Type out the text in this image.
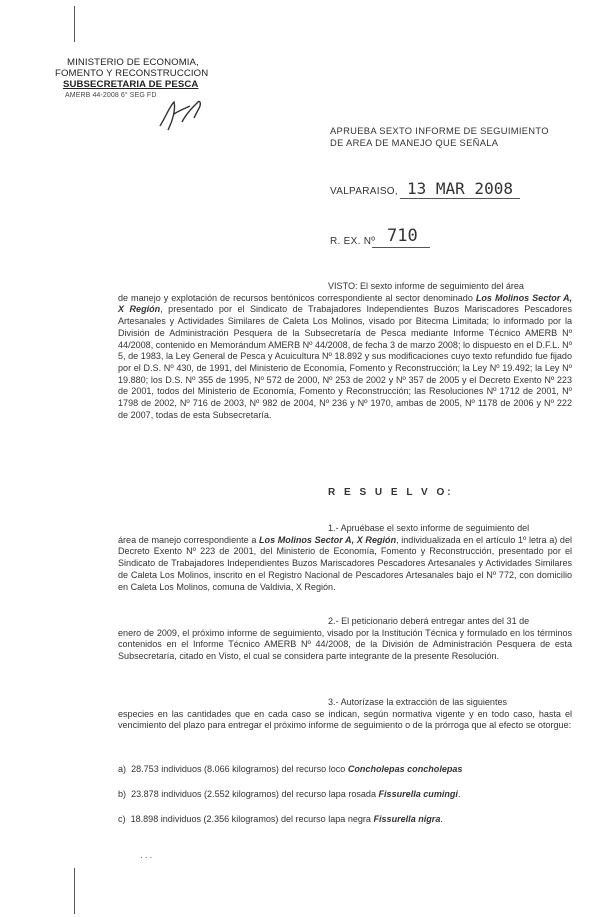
MINISTERIO DE ECONOMIA,
FOMENTO Y RECONSTRUCCION
SUBSECRETARIA DE PESCA
AMERB 44-2008 6° SEG FD
APRUEBA SEXTO INFORME DE SEGUIMIENTO
DE AREA DE MANEJO QUE SEÑALA
VALPARAISO, 13 MAR 2008
R. EX. Nº 710

VISTO: El sexto informe de seguimiento del área

de manejo y explotación de recursos bentónicos correspondiente al sector denominado Los Molinos Sector A, X Región, presentado por el Sindicato de Trabajadores Independientes Buzos Mariscadores Pescadores Artesanales y Actividades Similares de Caleta Los Molinos, visado por Bitecma Limitada; lo informado por la División de Administración Pesquera de la Subsecretaría de Pesca mediante Informe Técnico AMERB Nº 44/2008, contenido en Memorándum AMERB Nº 44/2008, de fecha 3 de marzo 2008; lo dispuesto en el D.F.L. Nº 5, de 1983, la Ley General de Pesca y Acuicultura Nº 18.892 y sus modificaciones cuyo texto refundido fue fijado por el D.S. Nº 430, de 1991, del Ministerio de Economía, Fomento y Reconstrucción; la Ley Nº 19.492; la Ley Nº 19.880; los D.S. Nº 355 de 1995, Nº 572 de 2000, Nº 253 de 2002 y Nº 357 de 2005 y el Decreto Exento Nº 223 de 2001, todos del Ministerio de Economía, Fomento y Reconstrucción; las Resoluciones Nº 1712 de 2001, Nº 1798 de 2002, Nº 716 de 2003, Nº 982 de 2004, Nº 236 y Nº 1970, ambas de 2005, Nº 1178 de 2006 y Nº 222 de 2007, todas de esta Subsecretaría.

R E S U E L V O:

1.- Apruébase el sexto informe de seguimiento del

área de manejo correspondiente a Los Molinos Sector A, X Región, individualizada en el artículo 1º letra a) del Decreto Exento Nº 223 de 2001, del Ministerio de Economía, Fomento y Reconstrucción, presentado por el Sindicato de Trabajadores Independientes Buzos Mariscadores Pescadores Artesanales y Actividades Similares de Caleta Los Molinos, inscrito en el Registro Nacional de Pescadores Artesanales bajo el Nº 772, con domicilio en Caleta Los Molinos, comuna de Valdivia, X Región.

2.- El peticionario deberá entregar antes del 31 de

enero de 2009, el próximo informe de seguimiento, visado por la Institución Técnica y formulado en los términos contenidos en el Informe Técnico AMERB Nº 44/2008, de la División de Administración Pesquera de esta Subsecretaría, citado en Visto, el cual se considera parte integrante de la presente Resolución.

3.- Autorízase la extracción de las siguientes

especies en las cantidades que en cada caso se indican, según normativa vigente y en todo caso, hasta el vencimiento del plazo para entregar el próximo informe de seguimiento o de la prórroga que al efecto se otorgue:

a) 28.753 individuos (8.066 kilogramos) del recurso loco Concholepas concholepas
b) 23.878 individuos (2.552 kilogramos) del recurso lapa rosada Fissurella cumingi.
c) 18.898 individuos (2.356 kilogramos) del recurso lapa negra Fissurella nigra.
...
